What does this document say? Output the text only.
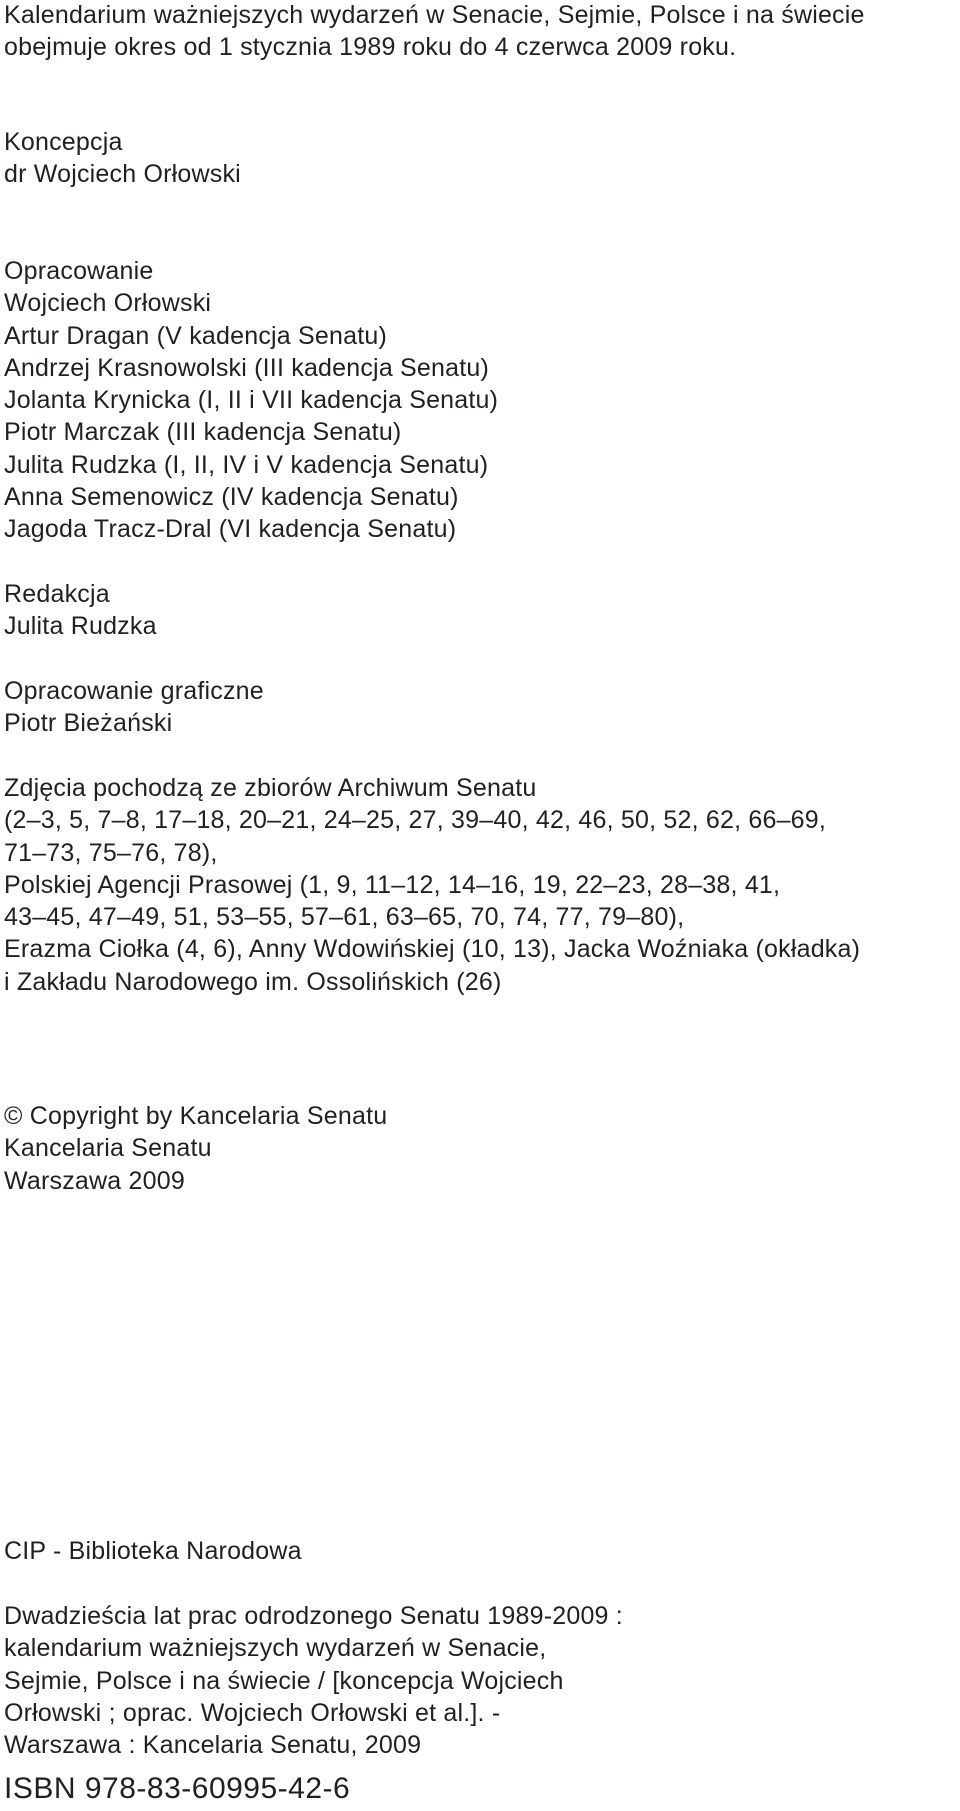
Kalendarium ważniejszych wydarzeń w Senacie, Sejmie, Polsce i na świecie
obejmuje okres od 1 stycznia 1989 roku do 4 czerwca 2009 roku.
Koncepcja
dr Wojciech Orłowski
Opracowanie
Wojciech Orłowski
Artur Dragan (V kadencja Senatu)
Andrzej Krasnowolski (III kadencja Senatu)
Jolanta Krynicka (I, II i VII kadencja Senatu)
Piotr Marczak (III kadencja Senatu)
Julita Rudzka (I, II, IV i V kadencja Senatu)
Anna Semenowicz (IV kadencja Senatu)
Jagoda Tracz-Dral (VI kadencja Senatu)
Redakcja
Julita Rudzka
Opracowanie graficzne
Piotr Bieżański
Zdjęcia pochodzą ze zbiorów Archiwum Senatu
(2–3, 5, 7–8, 17–18, 20–21, 24–25, 27, 39–40, 42, 46, 50, 52, 62, 66–69,
71–73, 75–76, 78),
Polskiej Agencji Prasowej (1, 9, 11–12, 14–16, 19, 22–23, 28–38, 41,
43–45, 47–49, 51, 53–55, 57–61, 63–65, 70, 74, 77, 79–80),
Erazma Ciołka (4, 6), Anny Wdowińskiej (10, 13), Jacka Woźniaka (okładka)
i Zakładu Narodowego im. Ossolińskich (26)
© Copyright by Kancelaria Senatu
Kancelaria Senatu
Warszawa 2009
CIP - Biblioteka Narodowa
Dwadzieścia lat prac odrodzonego Senatu 1989-2009 :
kalendarium ważniejszych wydarzeń w Senacie,
Sejmie, Polsce i na świecie / [koncepcja Wojciech
Orłowski ; oprac. Wojciech Orłowski et al.]. -
Warszawa : Kancelaria Senatu, 2009
ISBN 978-83-60995-42-6
